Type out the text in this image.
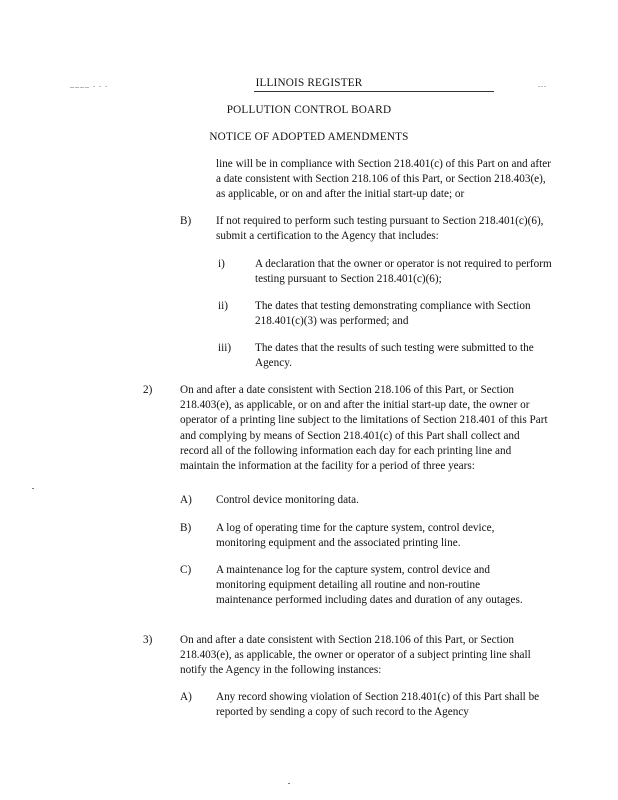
____ . . .	...
ILLINOIS REGISTER
POLLUTION CONTROL BOARD
NOTICE OF ADOPTED AMENDMENTS
line will be in compliance with Section 218.401(c) of this Part on and after a date consistent with Section 218.106 of this Part, or Section 218.403(e), as applicable, or on and after the initial start-up date; or
B) If not required to perform such testing pursuant to Section 218.401(c)(6), submit a certification to the Agency that includes:
i)	A declaration that the owner or operator is not required to perform testing pursuant to Section 218.401(c)(6);
ii) The dates that testing demonstrating compliance with Section 218.401(c)(3) was performed; and
iii) The dates that the results of such testing were submitted to the Agency.
2) On and after a date consistent with Section 218.106 of this Part, or Section 218.403(e), as applicable, or on and after the initial start-up date, the owner or operator of a printing line subject to the limitations of Section 218.401 of this Part and complying by means of Section 218.401(c) of this Part shall collect and record all of the following information each day for each printing line and maintain the information at the facility for a period of three years:
A) Control device monitoring data.
B) A log of operating time for the capture system, control device, monitoring equipment and the associated printing line.
C) A maintenance log for the capture system, control device and monitoring equipment detailing all routine and non-routine maintenance performed including dates and duration of any outages.
3) On and after a date consistent with Section 218.106 of this Part, or Section 218.403(e), as applicable, the owner or operator of a subject printing line shall notify the Agency in the following instances:
A) Any record showing violation of Section 218.401(c) of this Part shall be reported by sending a copy of such record to the Agency
